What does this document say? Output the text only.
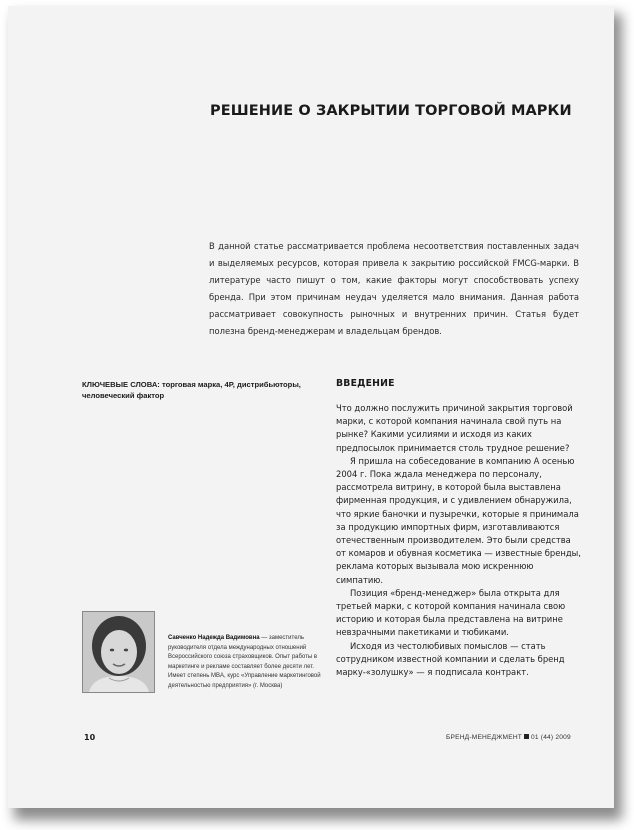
РЕШЕНИЕ О ЗАКРЫТИИ ТОРГОВОЙ МАРКИ
В данной статье рассматривается проблема несоответствия поставленных задач и выделяемых ресурсов, которая привела к закрытию российской FMCG-марки. В литературе часто пишут о том, какие факторы могут способствовать успеху бренда. При этом причинам неудач уделяется мало внимания. Данная работа рассматривает совокупность рыночных и внутренних причин. Статья будет полезна бренд-менеджерам и владельцам брендов.
КЛЮЧЕВЫЕ СЛОВА: торговая марка, 4P, дистрибьюторы, человеческий фактор
ВВЕДЕНИЕ

Что должно послужить причиной закрытия торговой марки, с которой компания начинала свой путь на рынке? Какими усилиями и исходя из каких предпосылок принимается столь трудное решение?

Я пришла на собеседование в компанию А осенью 2004 г. Пока ждала менеджера по персоналу, рассмотрела витрину, в которой была выставлена фирменная продукция, и с удивлением обнаружила, что яркие баночки и пузыречки, которые я принимала за продукцию импортных фирм, изготавливаются отечественным производителем. Это были средства от комаров и обувная косметика — известные бренды, реклама которых вызывала мою искреннюю симпатию.

Позиция «бренд-менеджер» была открыта для третьей марки, с которой компания начинала свою историю и которая была представлена на витрине невзрачными пакетиками и тюбиками.

Исходя из честолюбивых помыслов — стать сотрудником известной компании и сделать бренд марку-«золушку» — я подписала контракт.

Савченко Надежда Вадимовна — заместитель руководителя отдела международных отношений Всероссийского союза страховщиков. Опыт работы в маркетинге и рекламе составляет более десяти лет. Имеет степень MBA, курс «Управление маркетинговой деятельностью предприятия» (г. Москва)
10	БРЕНД-МЕНЕДЖМЕНТ 01 (44) 2009
